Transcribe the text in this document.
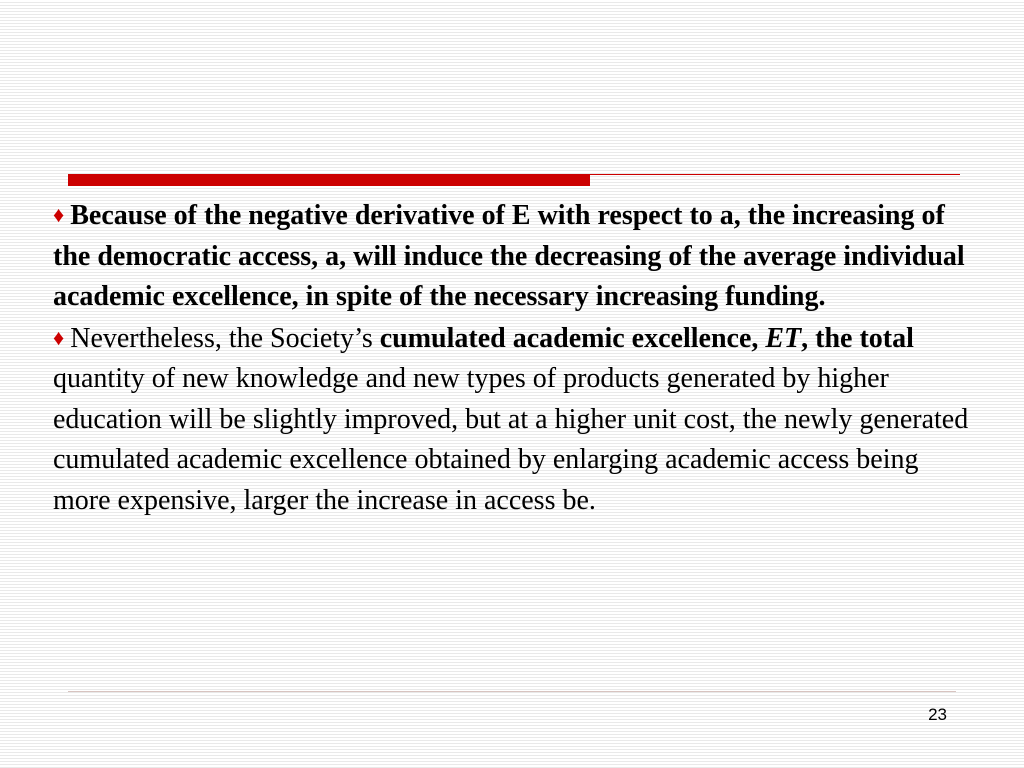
♦ Because of the negative derivative of E with respect to a, the increasing of the democratic access, a, will induce the decreasing of the average individual academic excellence, in spite of the necessary increasing funding.

♦ Nevertheless, the Society’s cumulated academic excellence, ET, the total quantity of new knowledge and new types of products generated by higher education will be slightly improved, but at a higher unit cost, the newly generated cumulated academic excellence obtained by enlarging academic access being more expensive, larger the increase in access be.

23
